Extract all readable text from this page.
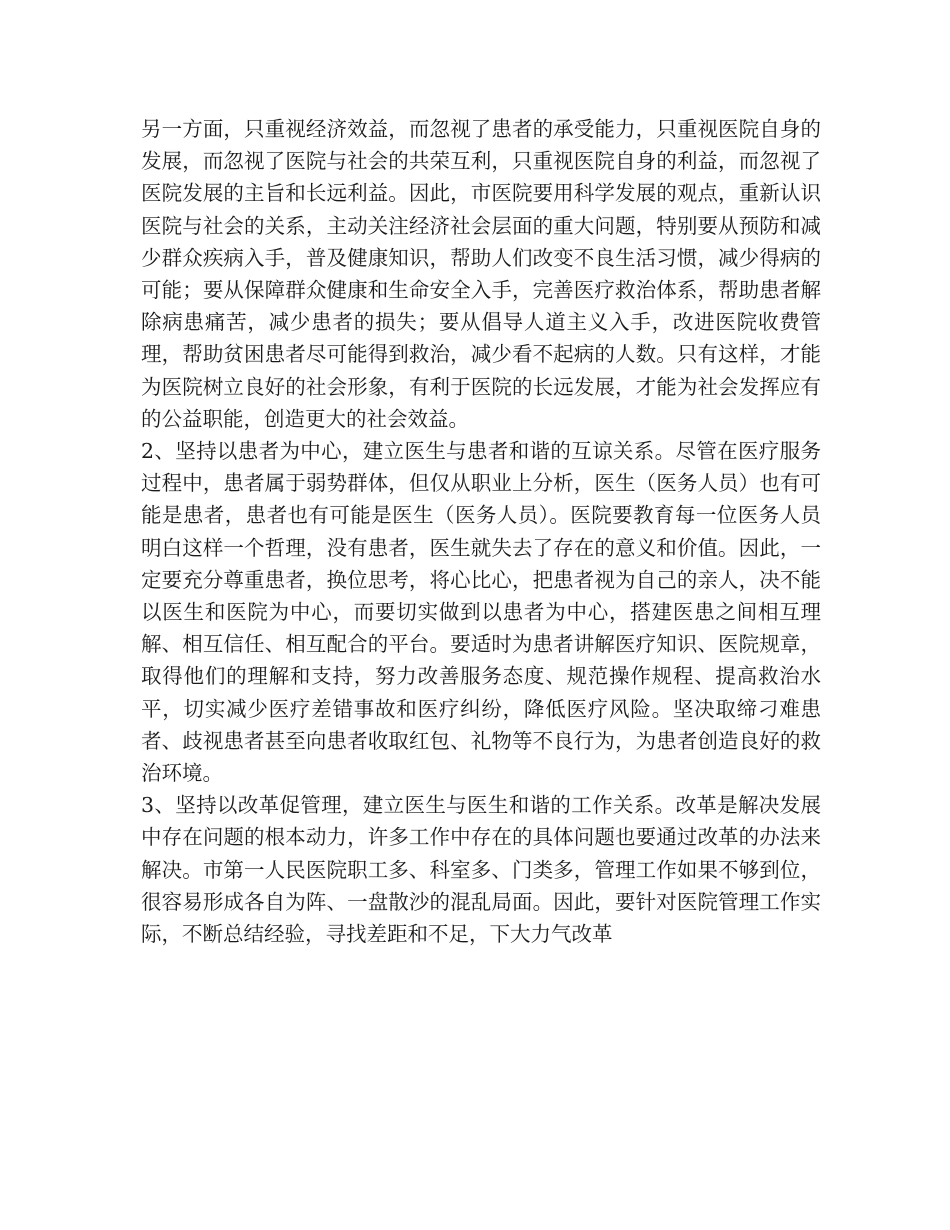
另一方面，只重视经济效益，而忽视了患者的承受能力，只重视医院自身的发展，而忽视了医院与社会的共荣互利，只重视医院自身的利益，而忽视了医院发展的主旨和长远利益。因此，市医院要用科学发展的观点，重新认识医院与社会的关系，主动关注经济社会层面的重大问题，特别要从预防和减少群众疾病入手，普及健康知识，帮助人们改变不良生活习惯，减少得病的可能；要从保障群众健康和生命安全入手，完善医疗救治体系，帮助患者解除病患痛苦，减少患者的损失；要从倡导人道主义入手，改进医院收费管理，帮助贫困患者尽可能得到救治，减少看不起病的人数。只有这样，才能为医院树立良好的社会形象，有利于医院的长远发展，才能为社会发挥应有的公益职能，创造更大的社会效益。

2、坚持以患者为中心，建立医生与患者和谐的互谅关系。尽管在医疗服务过程中，患者属于弱势群体，但仅从职业上分析，医生（医务人员）也有可能是患者，患者也有可能是医生（医务人员）。医院要教育每一位医务人员明白这样一个哲理，没有患者，医生就失去了存在的意义和价值。因此，一定要充分尊重患者，换位思考，将心比心，把患者视为自己的亲人，决不能以医生和医院为中心，而要切实做到以患者为中心，搭建医患之间相互理解、相互信任、相互配合的平台。要适时为患者讲解医疗知识、医院规章，取得他们的理解和支持，努力改善服务态度、规范操作规程、提高救治水平，切实减少医疗差错事故和医疗纠纷，降低医疗风险。坚决取缔刁难患者、歧视患者甚至向患者收取红包、礼物等不良行为，为患者创造良好的救治环境。

3、坚持以改革促管理，建立医生与医生和谐的工作关系。改革是解决发展中存在问题的根本动力，许多工作中存在的具体问题也要通过改革的办法来解决。市第一人民医院职工多、科室多、门类多，管理工作如果不够到位，很容易形成各自为阵、一盘散沙的混乱局面。因此，要针对医院管理工作实际，不断总结经验，寻找差距和不足，下大力气改革
